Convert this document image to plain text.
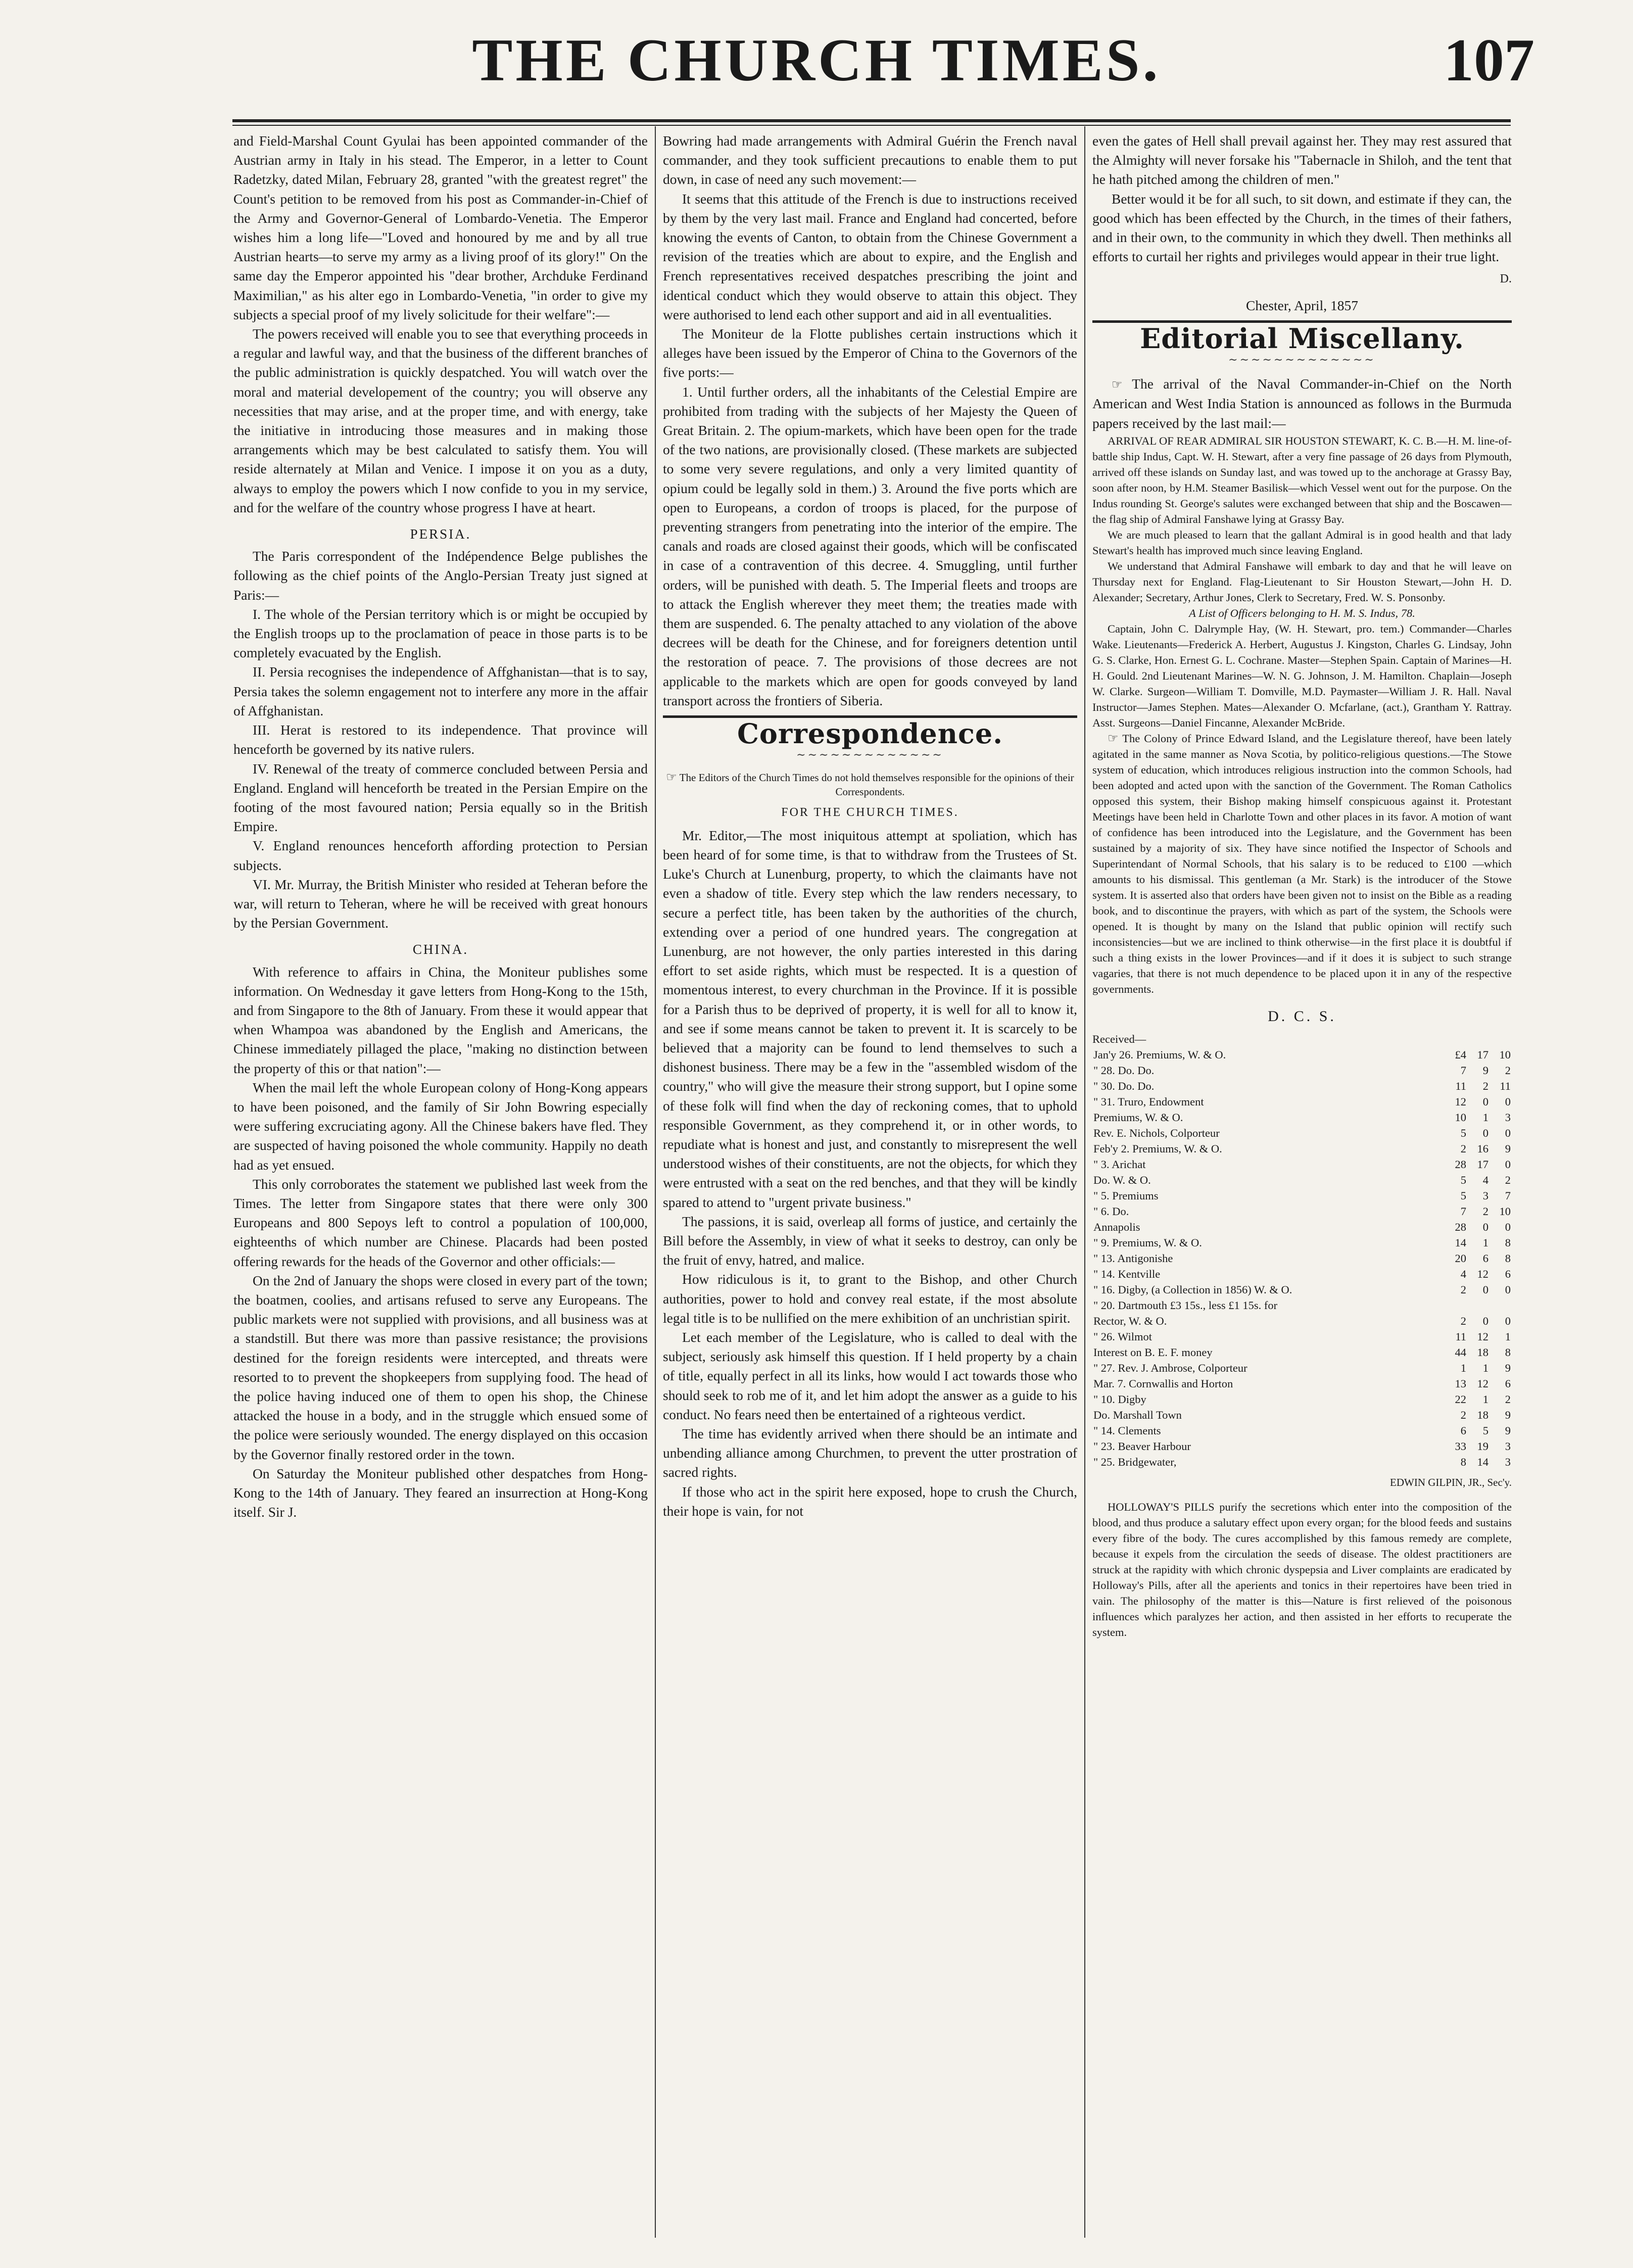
THE CHURCH TIMES.	107

and Field-Marshal Count Gyulai has been appointed commander of the Austrian army in Italy in his stead. The Emperor, in a letter to Count Radetzky, dated Milan, February 28, granted "with the greatest regret" the Count's petition to be removed from his post as Commander-in-Chief of the Army and Governor-General of Lombardo-Venetia. The Emperor wishes him a long life—"Loved and honoured by me and by all true Austrian hearts—to serve my army as a living proof of its glory!" On the same day the Emperor appointed his "dear brother, Archduke Ferdinand Maximilian," as his alter ego in Lombardo-Venetia, "in order to give my subjects a special proof of my lively solicitude for their welfare":—

The powers received will enable you to see that everything proceeds in a regular and lawful way, and that the business of the different branches of the public administration is quickly despatched. You will watch over the moral and material developement of the country; you will observe any necessities that may arise, and at the proper time, and with energy, take the initiative in introducing those measures and in making those arrangements which may be best calculated to satisfy them. You will reside alternately at Milan and Venice. I impose it on you as a duty, always to employ the powers which I now confide to you in my service, and for the welfare of the country whose progress I have at heart.

PERSIA.

The Paris correspondent of the Indépendence Belge publishes the following as the chief points of the Anglo-Persian Treaty just signed at Paris:—

I. The whole of the Persian territory which is or might be occupied by the English troops up to the proclamation of peace in those parts is to be completely evacuated by the English.

II. Persia recognises the independence of Affghanistan—that is to say, Persia takes the solemn engagement not to interfere any more in the affair of Affghanistan.

III. Herat is restored to its independence. That province will henceforth be governed by its native rulers.

IV. Renewal of the treaty of commerce concluded between Persia and England. England will henceforth be treated in the Persian Empire on the footing of the most favoured nation; Persia equally so in the British Empire.

V. England renounces henceforth affording protection to Persian subjects.

VI. Mr. Murray, the British Minister who resided at Teheran before the war, will return to Teheran, where he will be received with great honours by the Persian Government.

CHINA.

With reference to affairs in China, the Moniteur publishes some information. On Wednesday it gave letters from Hong-Kong to the 15th, and from Singapore to the 8th of January. From these it would appear that when Whampoa was abandoned by the English and Americans, the Chinese immediately pillaged the place, "making no distinction between the property of this or that nation":—

When the mail left the whole European colony of Hong-Kong appears to have been poisoned, and the family of Sir John Bowring especially were suffering excruciating agony. All the Chinese bakers have fled. They are suspected of having poisoned the whole community. Happily no death had as yet ensued.

This only corroborates the statement we published last week from the Times. The letter from Singapore states that there were only 300 Europeans and 800 Sepoys left to control a population of 100,000, eighteenths of which number are Chinese. Placards had been posted offering rewards for the heads of the Governor and other officials:—

On the 2nd of January the shops were closed in every part of the town; the boatmen, coolies, and artisans refused to serve any Europeans. The public markets were not supplied with provisions, and all business was at a standstill. But there was more than passive resistance; the provisions destined for the foreign residents were intercepted, and threats were resorted to to prevent the shopkeepers from supplying food. The head of the police having induced one of them to open his shop, the Chinese attacked the house in a body, and in the struggle which ensued some of the police were seriously wounded. The energy displayed on this occasion by the Governor finally restored order in the town.

On Saturday the Moniteur published other despatches from Hong-Kong to the 14th of January. They feared an insurrection at Hong-Kong itself. Sir J.

Bowring had made arrangements with Admiral Guérin the French naval commander, and they took sufficient precautions to enable them to put down, in case of need any such movement:—

It seems that this attitude of the French is due to instructions received by them by the very last mail. France and England had concerted, before knowing the events of Canton, to obtain from the Chinese Government a revision of the treaties which are about to expire, and the English and French representatives received despatches prescribing the joint and identical conduct which they would observe to attain this object. They were authorised to lend each other support and aid in all eventualities.

The Moniteur de la Flotte publishes certain instructions which it alleges have been issued by the Emperor of China to the Governors of the five ports:—

1. Until further orders, all the inhabitants of the Celestial Empire are prohibited from trading with the subjects of her Majesty the Queen of Great Britain. 2. The opium-markets, which have been open for the trade of the two nations, are provisionally closed. (These markets are subjected to some very severe regulations, and only a very limited quantity of opium could be legally sold in them.) 3. Around the five ports which are open to Europeans, a cordon of troops is placed, for the purpose of preventing strangers from penetrating into the interior of the empire. The canals and roads are closed against their goods, which will be confiscated in case of a contravention of this decree. 4. Smuggling, until further orders, will be punished with death. 5. The Imperial fleets and troops are to attack the English wherever they meet them; the treaties made with them are suspended. 6. The penalty attached to any violation of the above decrees will be death for the Chinese, and for foreigners detention until the restoration of peace. 7. The provisions of those decrees are not applicable to the markets which are open for goods conveyed by land transport across the frontiers of Siberia.

Correspondence.
∼∼∼∼∼∼∼∼∼∼∼∼∼
☞ The Editors of the Church Times do not hold themselves responsible for the opinions of their Correspondents.
FOR THE CHURCH TIMES.

Mr. Editor,—The most iniquitous attempt at spoliation, which has been heard of for some time, is that to withdraw from the Trustees of St. Luke's Church at Lunenburg, property, to which the claimants have not even a shadow of title. Every step which the law renders necessary, to secure a perfect title, has been taken by the authorities of the church, extending over a period of one hundred years. The congregation at Lunenburg, are not however, the only parties interested in this daring effort to set aside rights, which must be respected. It is a question of momentous interest, to every churchman in the Province. If it is possible for a Parish thus to be deprived of property, it is well for all to know it, and see if some means cannot be taken to prevent it. It is scarcely to be believed that a majority can be found to lend themselves to such a dishonest business. There may be a few in the "assembled wisdom of the country," who will give the measure their strong support, but I opine some of these folk will find when the day of reckoning comes, that to uphold responsible Government, as they comprehend it, or in other words, to repudiate what is honest and just, and constantly to misrepresent the well understood wishes of their constituents, are not the objects, for which they were entrusted with a seat on the red benches, and that they will be kindly spared to attend to "urgent private business."

The passions, it is said, overleap all forms of justice, and certainly the Bill before the Assembly, in view of what it seeks to destroy, can only be the fruit of envy, hatred, and malice.

How ridiculous is it, to grant to the Bishop, and other Church authorities, power to hold and convey real estate, if the most absolute legal title is to be nullified on the mere exhibition of an unchristian spirit.

Let each member of the Legislature, who is called to deal with the subject, seriously ask himself this question. If I held property by a chain of title, equally perfect in all its links, how would I act towards those who should seek to rob me of it, and let him adopt the answer as a guide to his conduct. No fears need then be entertained of a righteous verdict.

The time has evidently arrived when there should be an intimate and unbending alliance among Churchmen, to prevent the utter prostration of sacred rights.

If those who act in the spirit here exposed, hope to crush the Church, their hope is vain, for not

even the gates of Hell shall prevail against her. They may rest assured that the Almighty will never forsake his "Tabernacle in Shiloh, and the tent that he hath pitched among the children of men."

Better would it be for all such, to sit down, and estimate if they can, the good which has been effected by the Church, in the times of their fathers, and in their own, to the community in which they dwell. Then methinks all efforts to curtail her rights and privileges would appear in their true light.

D.
Chester, April, 1857
Editorial Miscellany.
∼∼∼∼∼∼∼∼∼∼∼∼∼

☞ The arrival of the Naval Commander-in-Chief on the North American and West India Station is announced as follows in the Burmuda papers received by the last mail:—

ARRIVAL OF REAR ADMIRAL SIR HOUSTON STEWART, K. C. B.—H. M. line-of-battle ship Indus, Capt. W. H. Stewart, after a very fine passage of 26 days from Plymouth, arrived off these islands on Sunday last, and was towed up to the anchorage at Grassy Bay, soon after noon, by H.M. Steamer Basilisk—which Vessel went out for the purpose. On the Indus rounding St. George's salutes were exchanged between that ship and the Boscawen—the flag ship of Admiral Fanshawe lying at Grassy Bay.

We are much pleased to learn that the gallant Admiral is in good health and that lady Stewart's health has improved much since leaving England.

We understand that Admiral Fanshawe will embark to day and that he will leave on Thursday next for England. Flag-Lieutenant to Sir Houston Stewart,—John H. D. Alexander; Secretary, Arthur Jones, Clerk to Secretary, Fred. W. S. Ponsonby.

A List of Officers belonging to H. M. S. Indus, 78.

Captain, John C. Dalrymple Hay, (W. H. Stewart, pro. tem.) Commander—Charles Wake. Lieutenants—Frederick A. Herbert, Augustus J. Kingston, Charles G. Lindsay, John G. S. Clarke, Hon. Ernest G. L. Cochrane. Master—Stephen Spain. Captain of Marines—H. H. Gould. 2nd Lieutenant Marines—W. N. G. Johnson, J. M. Hamilton. Chaplain—Joseph W. Clarke. Surgeon—William T. Domville, M.D. Paymaster—William J. R. Hall. Naval Instructor—James Stephen. Mates—Alexander O. Mcfarlane, (act.), Grantham Y. Rattray. Asst. Surgeons—Daniel Fincanne, Alexander McBride.

☞ The Colony of Prince Edward Island, and the Legislature thereof, have been lately agitated in the same manner as Nova Scotia, by politico-religious questions.—The Stowe system of education, which introduces religious instruction into the common Schools, had been adopted and acted upon with the sanction of the Government. The Roman Catholics opposed this system, their Bishop making himself conspicuous against it. Protestant Meetings have been held in Charlotte Town and other places in its favor. A motion of want of confidence has been introduced into the Legislature, and the Government has been sustained by a majority of six. They have since notified the Inspector of Schools and Superintendant of Normal Schools, that his salary is to be reduced to £100 —which amounts to his dismissal. This gentleman (a Mr. Stark) is the introducer of the Stowe system. It is asserted also that orders have been given not to insist on the Bible as a reading book, and to discontinue the prayers, with which as part of the system, the Schools were opened. It is thought by many on the Island that public opinion will rectify such inconsistencies—but we are inclined to think otherwise—in the first place it is doubtful if such a thing exists in the lower Provinces—and if it does it is subject to such strange vagaries, that there is not much dependence to be placed upon it in any of the respective governments.

D. C. S.
Received—
Jan'y 26. Premiums, W. & O.	£4	17	10
" 28. Do. Do.	7	9	2
" 30. Do. Do.	11	2	11
" 31. Truro, Endowment	12	0	0
Premiums, W. & O.	10	1	3
Rev. E. Nichols, Colporteur	5	0	0
Feb'y 2. Premiums, W. & O.	2	16	9
" 3. Arichat	28	17	0
Do. W. & O.	5	4	2
" 5. Premiums	5	3	7
" 6. Do.	7	2	10
Annapolis	28	0	0
" 9. Premiums, W. & O.	14	1	8
" 13. Antigonishe	20	6	8
" 14. Kentville	4	12	6
" 16. Digby, (a Collection in 1856) W. & O.	2	0	0
" 20. Dartmouth £3 15s., less £1 15s. for			
Rector, W. & O.	2	0	0
" 26. Wilmot	11	12	1
Interest on B. E. F. money	44	18	8
" 27. Rev. J. Ambrose, Colporteur	1	1	9
Mar. 7. Cornwallis and Horton	13	12	6
" 10. Digby	22	1	2
Do. Marshall Town	2	18	9
" 14. Clements	6	5	9
" 23. Beaver Harbour	33	19	3
" 25. Bridgewater,	8	14	3
EDWIN GILPIN, JR., Sec'y.

HOLLOWAY'S PILLS purify the secretions which enter into the composition of the blood, and thus produce a salutary effect upon every organ; for the blood feeds and sustains every fibre of the body. The cures accomplished by this famous remedy are complete, because it expels from the circulation the seeds of disease. The oldest practitioners are struck at the rapidity with which chronic dyspepsia and Liver complaints are eradicated by Holloway's Pills, after all the aperients and tonics in their repertoires have been tried in vain. The philosophy of the matter is this—Nature is first relieved of the poisonous influences which paralyzes her action, and then assisted in her efforts to recuperate the system.
